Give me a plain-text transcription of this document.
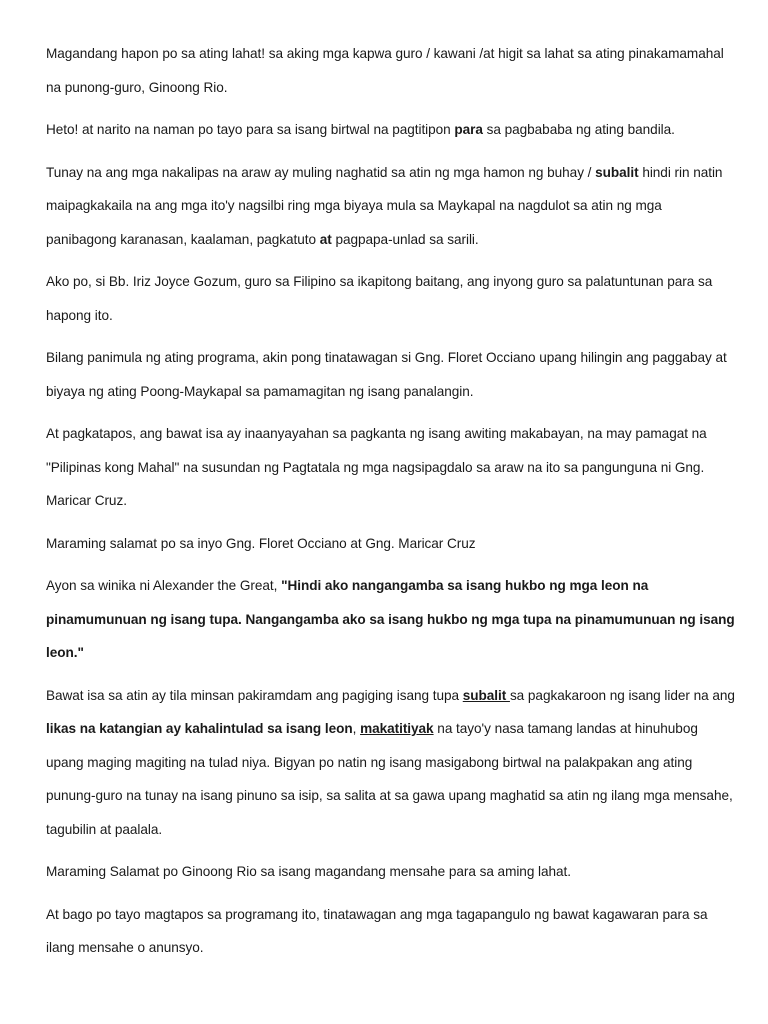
Magandang hapon po sa ating lahat! sa aking mga kapwa guro / kawani /at higit sa lahat sa ating pinakamamahal na punong-guro, Ginoong Rio.

Heto! at narito na naman po tayo para sa isang birtwal na pagtitipon para sa pagbababa ng ating bandila.

Tunay na ang mga nakalipas na araw ay muling naghatid sa atin ng mga hamon ng buhay / subalit hindi rin natin maipagkakaila na ang mga ito'y nagsilbi ring mga biyaya mula sa Maykapal na nagdulot sa atin ng mga panibagong karanasan, kaalaman, pagkatuto at pagpapa-unlad sa sarili.

Ako po, si Bb. Iriz Joyce Gozum, guro sa Filipino sa ikapitong baitang, ang inyong guro sa palatuntunan para sa hapong ito.

Bilang panimula ng ating programa, akin pong tinatawagan si Gng. Floret Occiano upang hilingin ang paggabay at biyaya ng ating Poong-Maykapal sa pamamagitan ng isang panalangin.

At pagkatapos, ang bawat isa ay inaanyayahan sa pagkanta ng isang awiting makabayan, na may pamagat na "Pilipinas kong Mahal" na susundan ng Pagtatala ng mga nagsipagdalo sa araw na ito sa pangunguna ni Gng. Maricar Cruz.

Maraming salamat po sa inyo Gng. Floret Occiano at Gng. Maricar Cruz

Ayon sa winika ni Alexander the Great, "Hindi ako nangangamba sa isang hukbo ng mga leon na pinamumunuan ng isang tupa. Nangangamba ako sa isang hukbo ng mga tupa na pinamumunuan ng isang leon."

Bawat isa sa atin ay tila minsan pakiramdam ang pagiging isang tupa subalit sa pagkakaroon ng isang lider na ang likas na katangian ay kahalintulad sa isang leon, makatitiyak na tayo'y nasa tamang landas at hinuhubog upang maging magiting na tulad niya. Bigyan po natin ng isang masigabong birtwal na palakpakan ang ating punung-guro na tunay na isang pinuno sa isip, sa salita at sa gawa upang maghatid sa atin ng ilang mga mensahe, tagubilin at paalala.

Maraming Salamat po Ginoong Rio sa isang magandang mensahe para sa aming lahat.

At bago po tayo magtapos sa programang ito, tinatawagan ang mga tagapangulo ng bawat kagawaran para sa ilang mensahe o anunsyo.
